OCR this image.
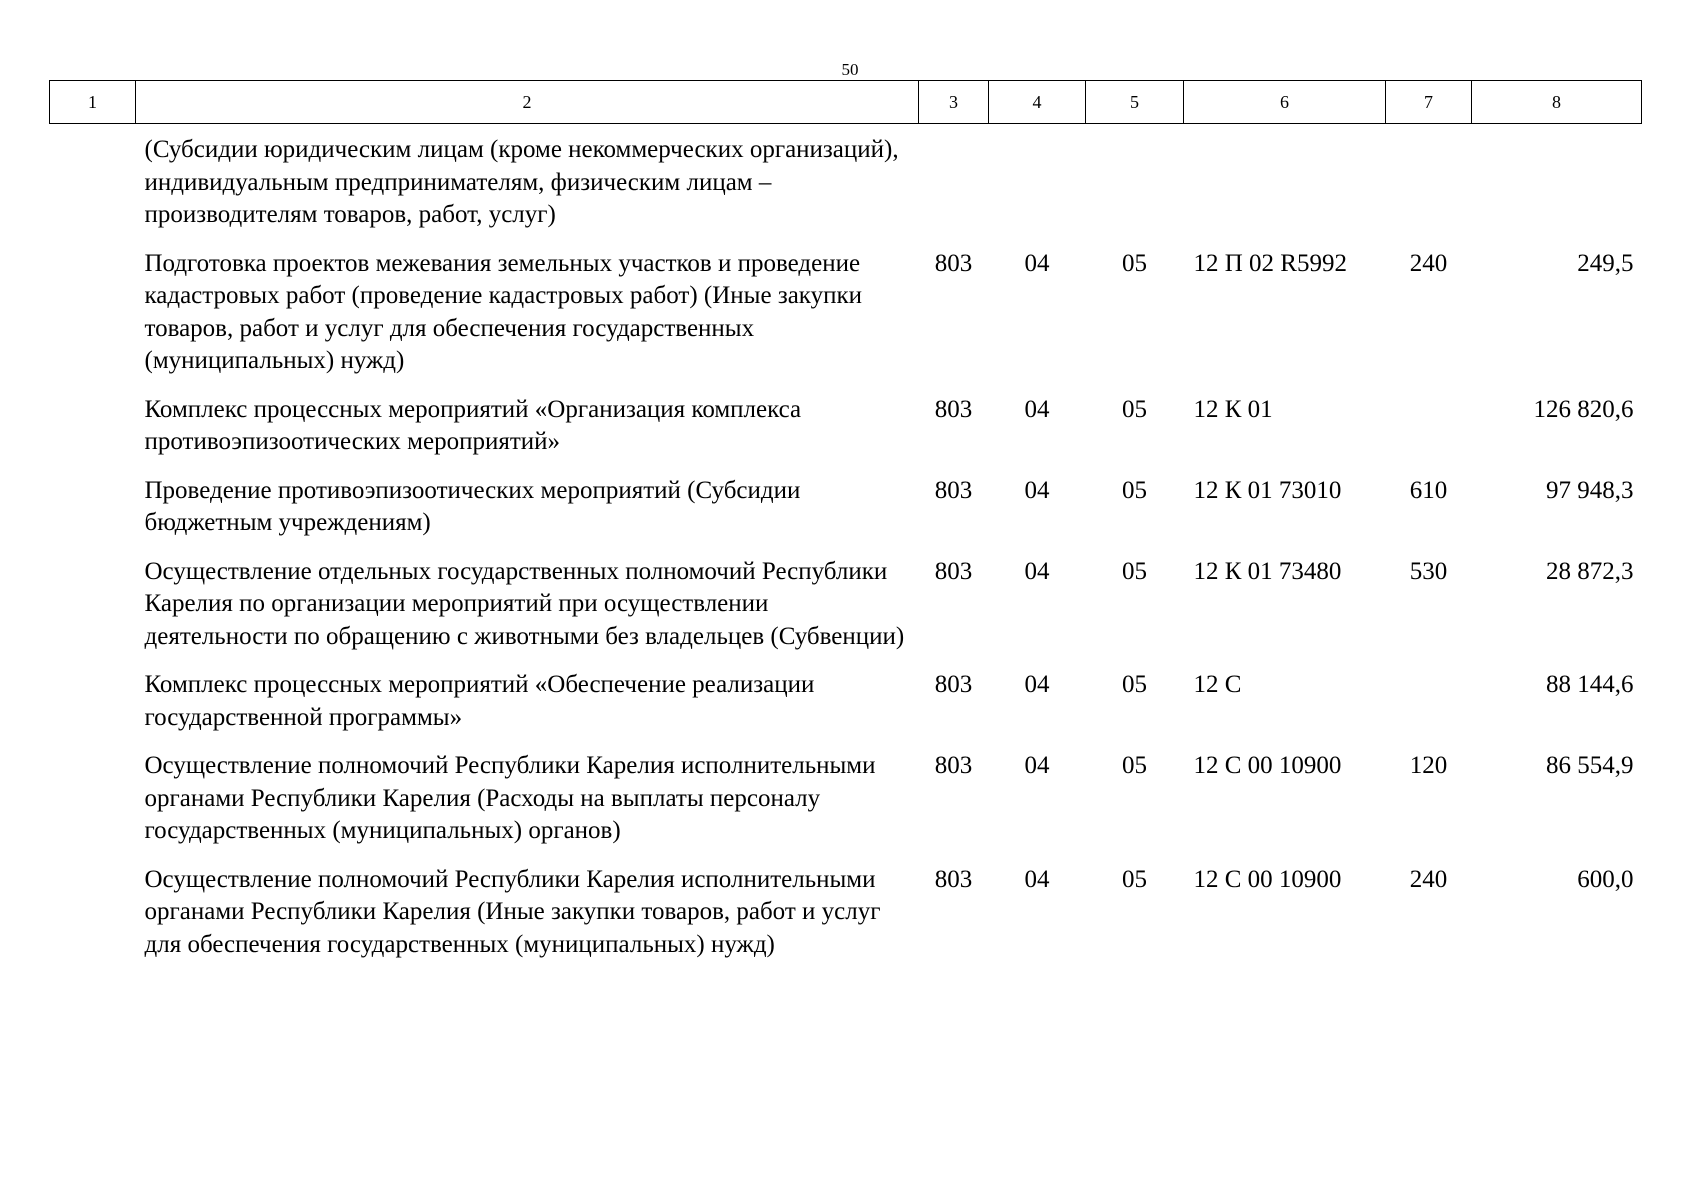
50
1	2	3	4	5	6	7	8
	(Субсидии юридическим лицам (кроме некоммерческих организаций), индивидуальным предпринимателям, физическим лицам – производителям товаров, работ, услуг)						
	Подготовка проектов межевания земельных участков и проведение кадастровых работ (проведение кадастровых работ) (Иные закупки товаров, работ и услуг для обеспечения государственных (муниципальных) нужд)	803	04	05	12 П 02 R5992	240	249,5
	Комплекс процессных мероприятий «Организация комплекса противоэпизоотических мероприятий»	803	04	05	12 К 01		126 820,6
	Проведение противоэпизоотических мероприятий (Субсидии бюджетным учреждениям)	803	04	05	12 К 01 73010	610	97 948,3
	Осуществление отдельных государственных полномочий Республики Карелия по организации мероприятий при осуществлении деятельности по обращению с животными без владельцев (Субвенции)	803	04	05	12 К 01 73480	530	28 872,3
	Комплекс процессных мероприятий «Обеспечение реализации государственной программы»	803	04	05	12 С		88 144,6
	Осуществление полномочий Республики Карелия исполнительными органами Республики Карелия (Расходы на выплаты персоналу государственных (муниципальных) органов)	803	04	05	12 С 00 10900	120	86 554,9
	Осуществление полномочий Республики Карелия исполнительными органами Республики Карелия (Иные закупки товаров, работ и услуг для обеспечения государственных (муниципальных) нужд)	803	04	05	12 С 00 10900	240	600,0
